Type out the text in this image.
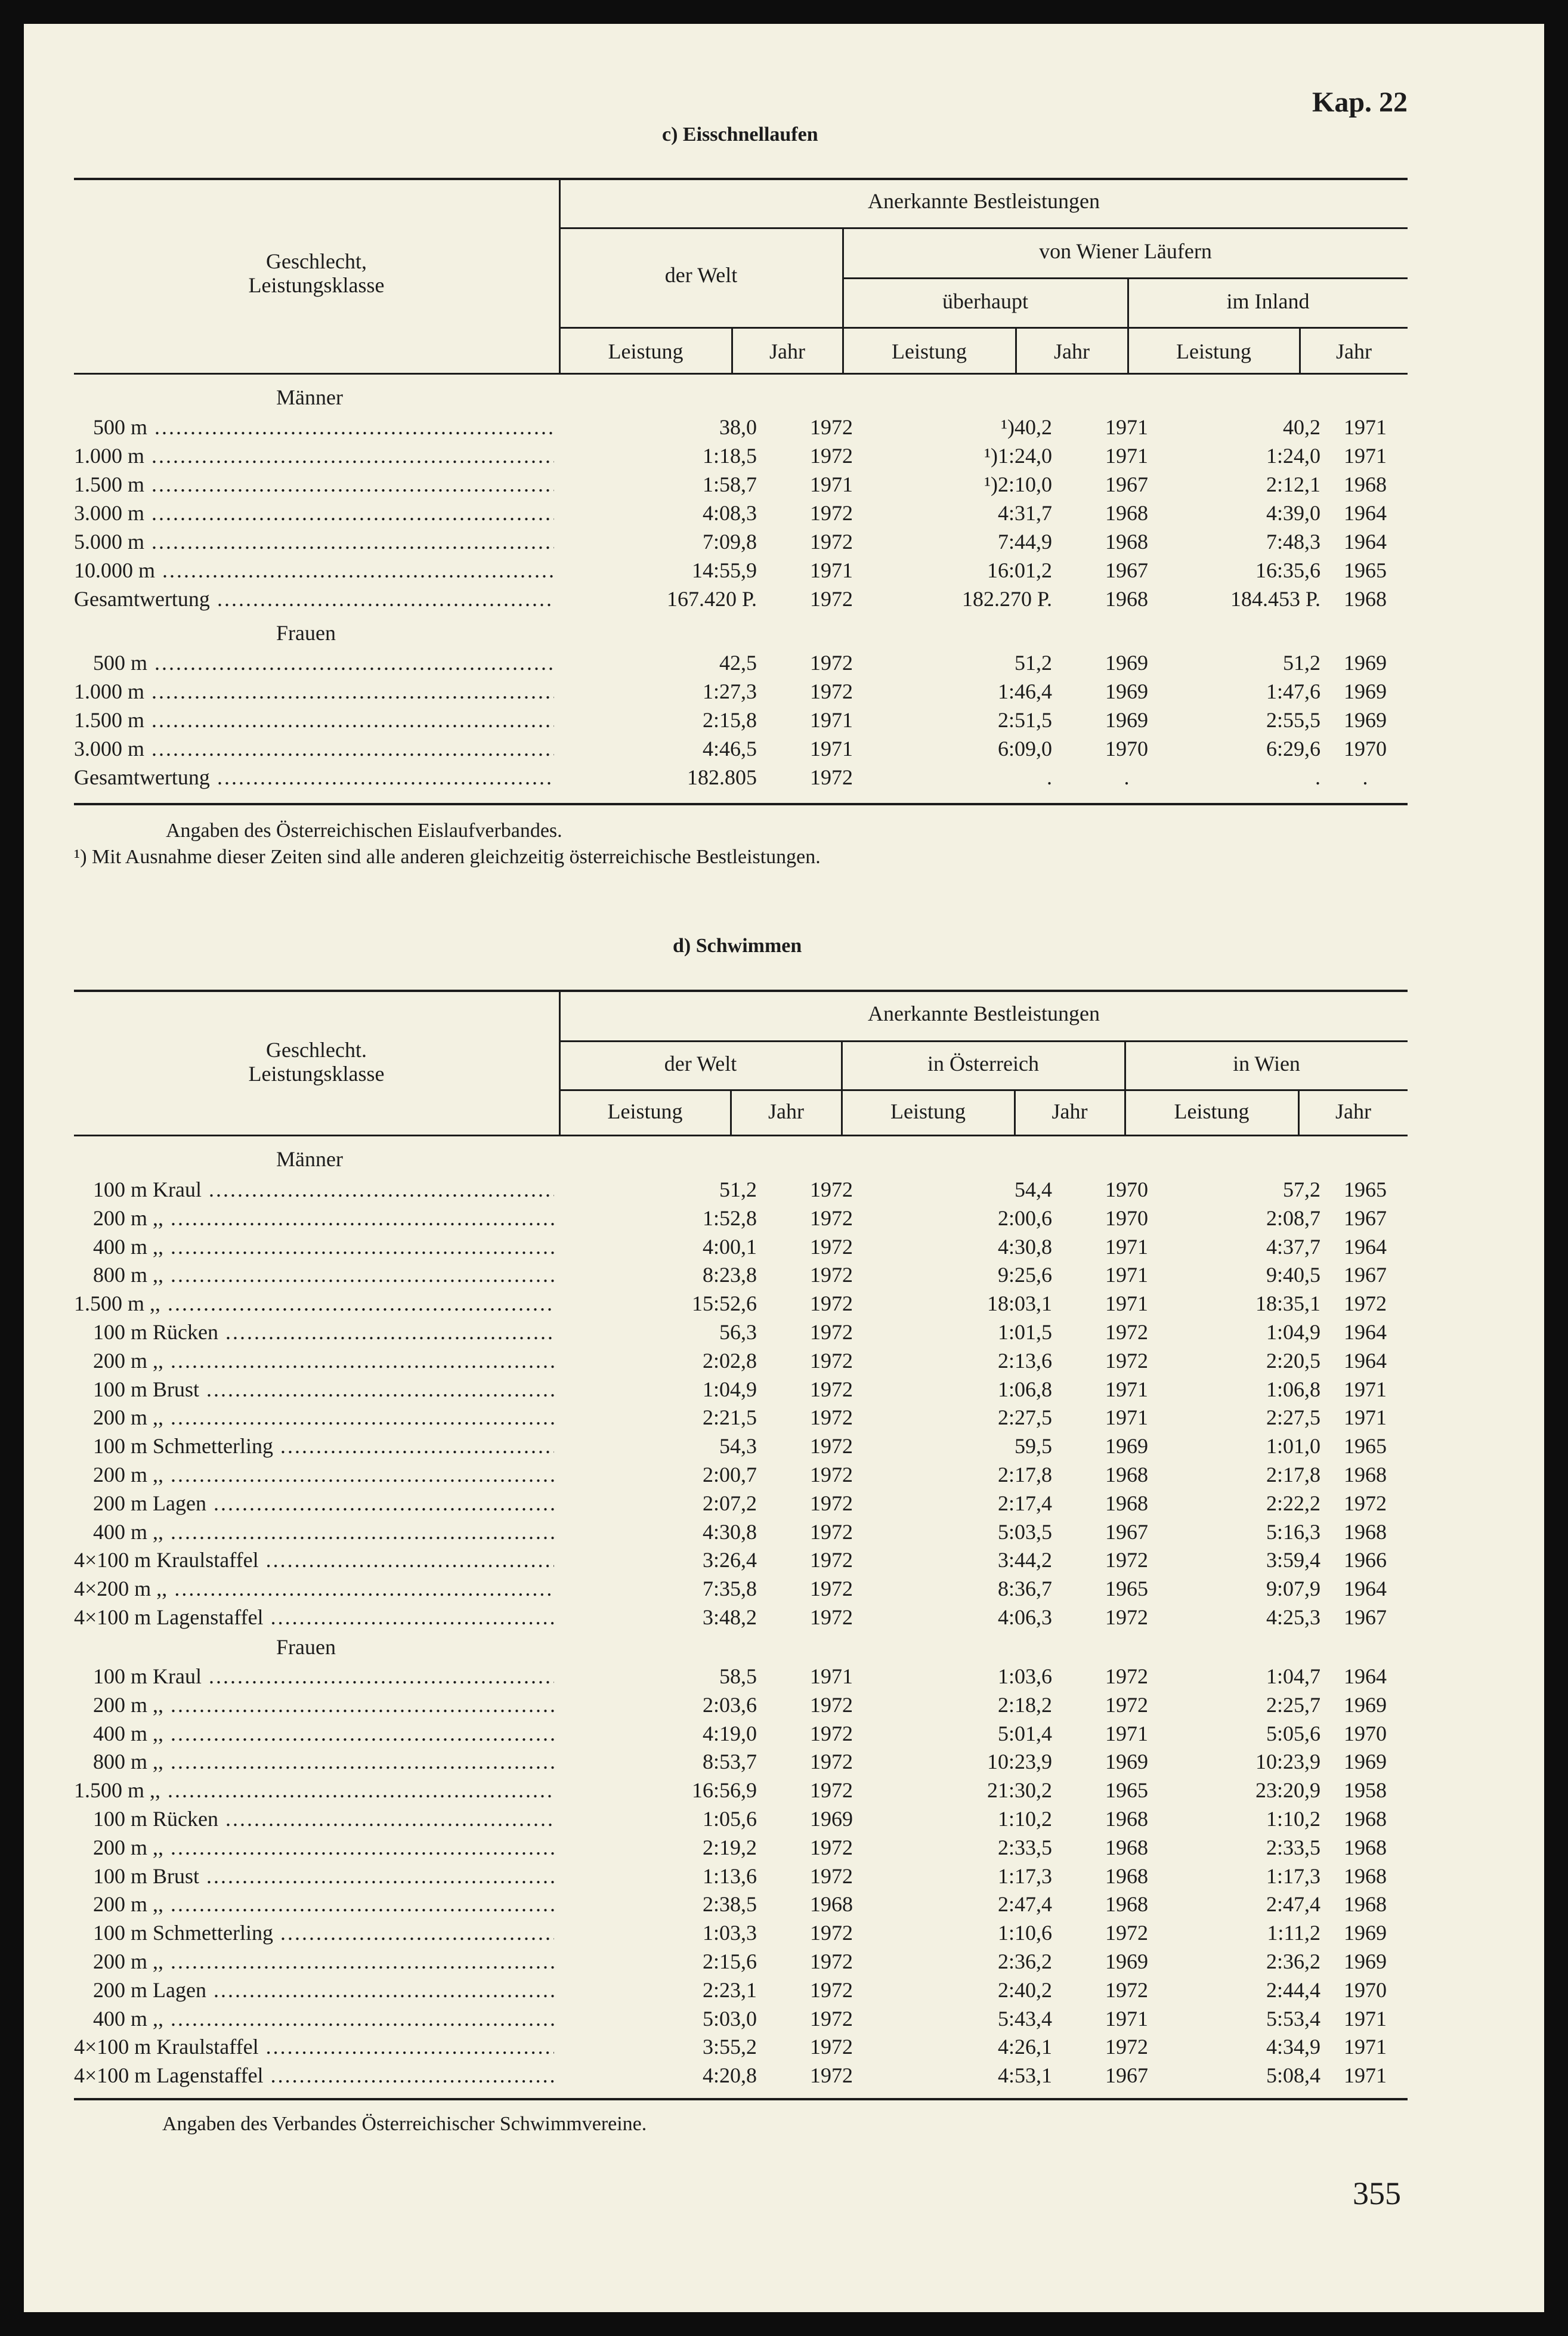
Kap. 22
c) Eisschnellaufen
Geschlecht,
Leistungsklasse
Anerkannte Bestleistungen
der Welt
von Wiener Läufern
überhaupt	im Inland
Leistung	Jahr	Leistung	Jahr	Leistung	Jahr
Männer
500 m .....	38,0	1972	¹)40,2	1971	40,2	1971
1.000 m .....	1:18,5	1972	¹)1:24,0	1971	1:24,0	1971
1.500 m .....	1:58,7	1971	¹)2:10,0	1967	2:12,1	1968
3.000 m .....	4:08,3	1972	4:31,7	1968	4:39,0	1964
5.000 m .....	7:09,8	1972	7:44,9	1968	7:48,3	1964
10.000 m .....	14:55,9	1971	16:01,2	1967	16:35,6	1965
Gesamtwertung .....	167.420 P.	1972	182.270 P.	1968	184.453 P.	1968
Frauen
500 m .....	42,5	1972	51,2	1969	51,2	1969
1.000 m .....	1:27,3	1972	1:46,4	1969	1:47,6	1969
1.500 m .....	2:15,8	1971	2:51,5	1969	2:55,5	1969
3.000 m .....	4:46,5	1971	6:09,0	1970	6:29,6	1970
Gesamtwertung .....	182.805	1972	.	.	.	.
Angaben des Österreichischen Eislaufverbandes.
¹) Mit Ausnahme dieser Zeiten sind alle anderen gleichzeitig österreichische Bestleistungen.
d) Schwimmen
Geschlecht.
Leistungsklasse
Anerkannte Bestleistungen
der Welt	in Österreich	in Wien
Leistung	Jahr	Leistung	Jahr	Leistung	Jahr
Männer
100 m Kraul .....	51,2	1972	54,4	1970	57,2	1965
200 m ,, .....	1:52,8	1972	2:00,6	1970	2:08,7	1967
400 m ,, .....	4:00,1	1972	4:30,8	1971	4:37,7	1964
800 m ,, .....	8:23,8	1972	9:25,6	1971	9:40,5	1967
1.500 m ,, .....	15:52,6	1972	18:03,1	1971	18:35,1	1972
100 m Rücken .....	56,3	1972	1:01,5	1972	1:04,9	1964
200 m ,, .....	2:02,8	1972	2:13,6	1972	2:20,5	1964
100 m Brust .....	1:04,9	1972	1:06,8	1971	1:06,8	1971
200 m ,, .....	2:21,5	1972	2:27,5	1971	2:27,5	1971
100 m Schmetterling .....	54,3	1972	59,5	1969	1:01,0	1965
200 m ,, .....	2:00,7	1972	2:17,8	1968	2:17,8	1968
200 m Lagen .....	2:07,2	1972	2:17,4	1968	2:22,2	1972
400 m ,, .....	4:30,8	1972	5:03,5	1967	5:16,3	1968
4×100 m Kraulstaffel .....	3:26,4	1972	3:44,2	1972	3:59,4	1966
4×200 m ,, .....	7:35,8	1972	8:36,7	1965	9:07,9	1964
4×100 m Lagenstaffel .....	3:48,2	1972	4:06,3	1972	4:25,3	1967
Frauen
100 m Kraul .....	58,5	1971	1:03,6	1972	1:04,7	1964
200 m ,, .....	2:03,6	1972	2:18,2	1972	2:25,7	1969
400 m ,, .....	4:19,0	1972	5:01,4	1971	5:05,6	1970
800 m ,, .....	8:53,7	1972	10:23,9	1969	10:23,9	1969
1.500 m ,, .....	16:56,9	1972	21:30,2	1965	23:20,9	1958
100 m Rücken .....	1:05,6	1969	1:10,2	1968	1:10,2	1968
200 m ,, .....	2:19,2	1972	2:33,5	1968	2:33,5	1968
100 m Brust .....	1:13,6	1972	1:17,3	1968	1:17,3	1968
200 m ,, .....	2:38,5	1968	2:47,4	1968	2:47,4	1968
100 m Schmetterling .....	1:03,3	1972	1:10,6	1972	1:11,2	1969
200 m ,, .....	2:15,6	1972	2:36,2	1969	2:36,2	1969
200 m Lagen .....	2:23,1	1972	2:40,2	1972	2:44,4	1970
400 m ,, .....	5:03,0	1972	5:43,4	1971	5:53,4	1971
4×100 m Kraulstaffel .....	3:55,2	1972	4:26,1	1972	4:34,9	1971
4×100 m Lagenstaffel .....	4:20,8	1972	4:53,1	1967	5:08,4	1971
Angaben des Verbandes Österreichischer Schwimmvereine.
355
